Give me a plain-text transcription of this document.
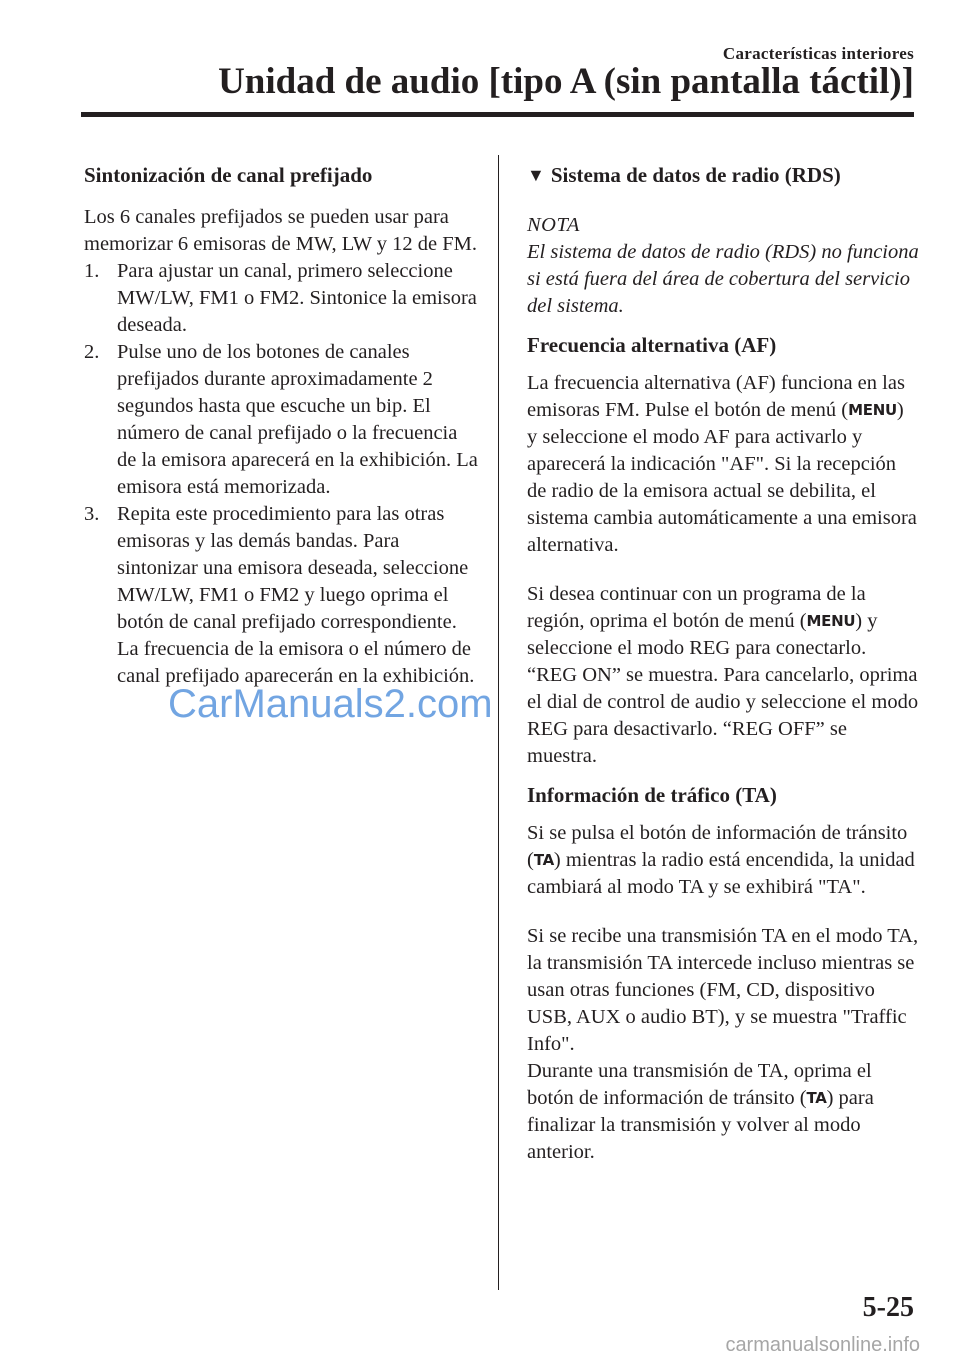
Características interiores
Unidad de audio [tipo A (sin pantalla táctil)]

Sintonización de canal prefijado

Los 6 canales prefijados se pueden usar para memorizar 6 emisoras de MW, LW y 12 de FM.

1. Para ajustar un canal, primero seleccione MW/LW, FM1 o FM2. Sintonice la emisora deseada.
2. Pulse uno de los botones de canales prefijados durante aproximadamente 2 segundos hasta que escuche un bip. El número de canal prefijado o la frecuencia de la emisora aparecerá en la exhibición. La emisora está memorizada.
3. Repita este procedimiento para las otras emisoras y las demás bandas. Para sintonizar una emisora deseada, seleccione MW/LW, FM1 o FM2 y luego oprima el botón de canal prefijado correspondiente. La frecuencia de la emisora o el número de canal prefijado aparecerán en la exhibición.

▼ Sistema de datos de radio (RDS)

NOTA

El sistema de datos de radio (RDS) no funciona si está fuera del área de cobertura del servicio del sistema.

Frecuencia alternativa (AF)

La frecuencia alternativa (AF) funciona en las emisoras FM. Pulse el botón de menú (MENU) y seleccione el modo AF para activarlo y aparecerá la indicación "AF". Si la recepción de radio de la emisora actual se debilita, el sistema cambia automáticamente a una emisora alternativa.

Si desea continuar con un programa de la región, oprima el botón de menú (MENU) y seleccione el modo REG para conectarlo. “REG ON” se muestra. Para cancelarlo, oprima el dial de control de audio y seleccione el modo REG para desactivarlo. “REG OFF” se muestra.

Información de tráfico (TA)

Si se pulsa el botón de información de tránsito (TA) mientras la radio está encendida, la unidad cambiará al modo TA y se exhibirá "TA".

Si se recibe una transmisión TA en el modo TA, la transmisión TA intercede incluso mientras se usan otras funciones (FM, CD, dispositivo USB, AUX o audio BT), y se muestra "Traffic Info".

Durante una transmisión de TA, oprima el botón de información de tránsito (TA) para finalizar la transmisión y volver al modo anterior.

CarManuals2.com
5-25
carmanualsonline.info
